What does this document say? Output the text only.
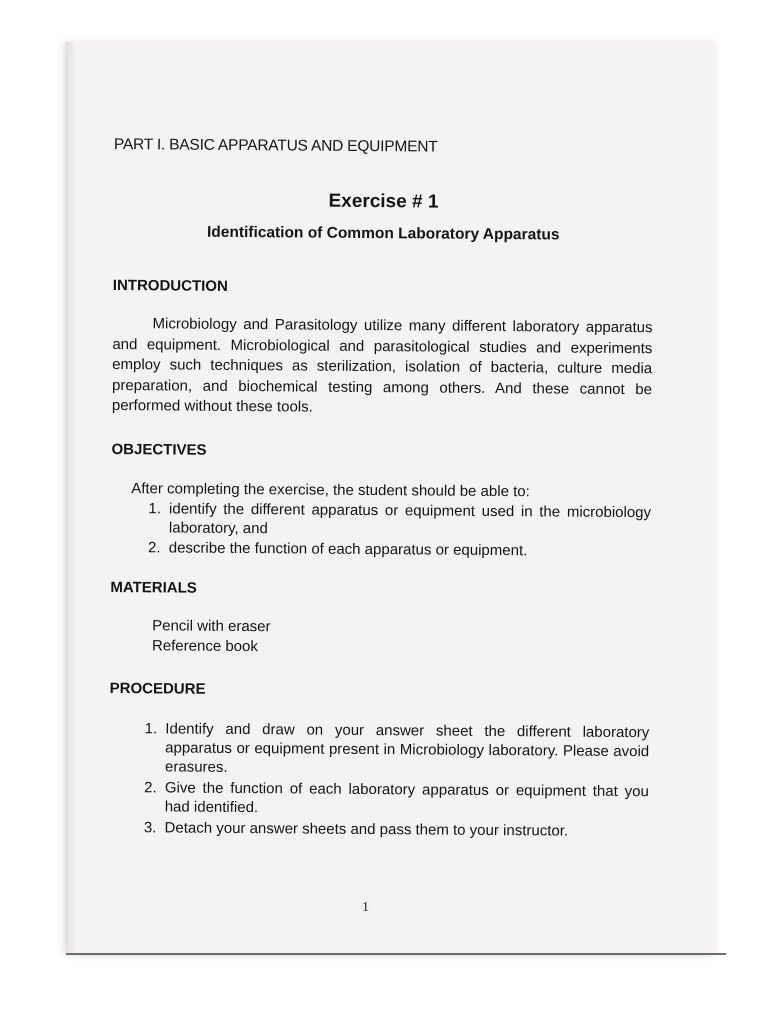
PART I. BASIC APPARATUS AND EQUIPMENT
Exercise # 1
Identification of Common Laboratory Apparatus
INTRODUCTION

Microbiology and Parasitology utilize many different laboratory apparatus and equipment. Microbiological and parasitological studies and experiments employ such techniques as sterilization, isolation of bacteria, culture media preparation, and biochemical testing among others. And these cannot be performed without these tools.

OBJECTIVES

After completing the exercise, the student should be able to:

1. identify the different apparatus or equipment used in the microbiology laboratory, and
2. describe the function of each apparatus or equipment.
MATERIALS
Pencil with eraser
Reference book
PROCEDURE
1. Identify and draw on your answer sheet the different laboratory apparatus or equipment present in Microbiology laboratory. Please avoid erasures.
2. Give the function of each laboratory apparatus or equipment that you had identified.
3. Detach your answer sheets and pass them to your instructor.
1
